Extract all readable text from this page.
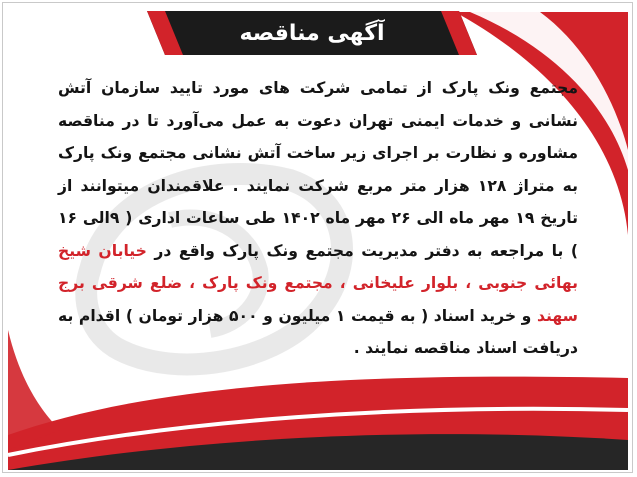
آگهی مناقصه
مجتمع ونک پارک از تمامی شرکت های مورد تایید سازمان آتش نشانی و خدمات ایمنی تهران دعوت به عمل می‌آورد تا در مناقصه مشاوره و نظارت بر اجرای زیر ساخت آتش نشانی مجتمع ونک پارک به متراژ ۱۲۸ هزار متر مربع شرکت نمایند . علاقمندان میتوانند از تاریخ ۱۹ مهر ماه الی ۲۶ مهر ماه ۱۴۰۲ طی ساعات اداری ( ۹الی ۱۶ ) با مراجعه به دفتر مدیریت مجتمع ونک پارک واقع در خیابان شیخ بهائی جنوبی ، بلوار علیخانی ، مجتمع ونک پارک ، ضلع شرقی برج سهند و خرید اسناد ( به قیمت ۱ میلیون و ۵۰۰ هزار تومان ) اقدام به دریافت اسناد مناقصه نمایند .
